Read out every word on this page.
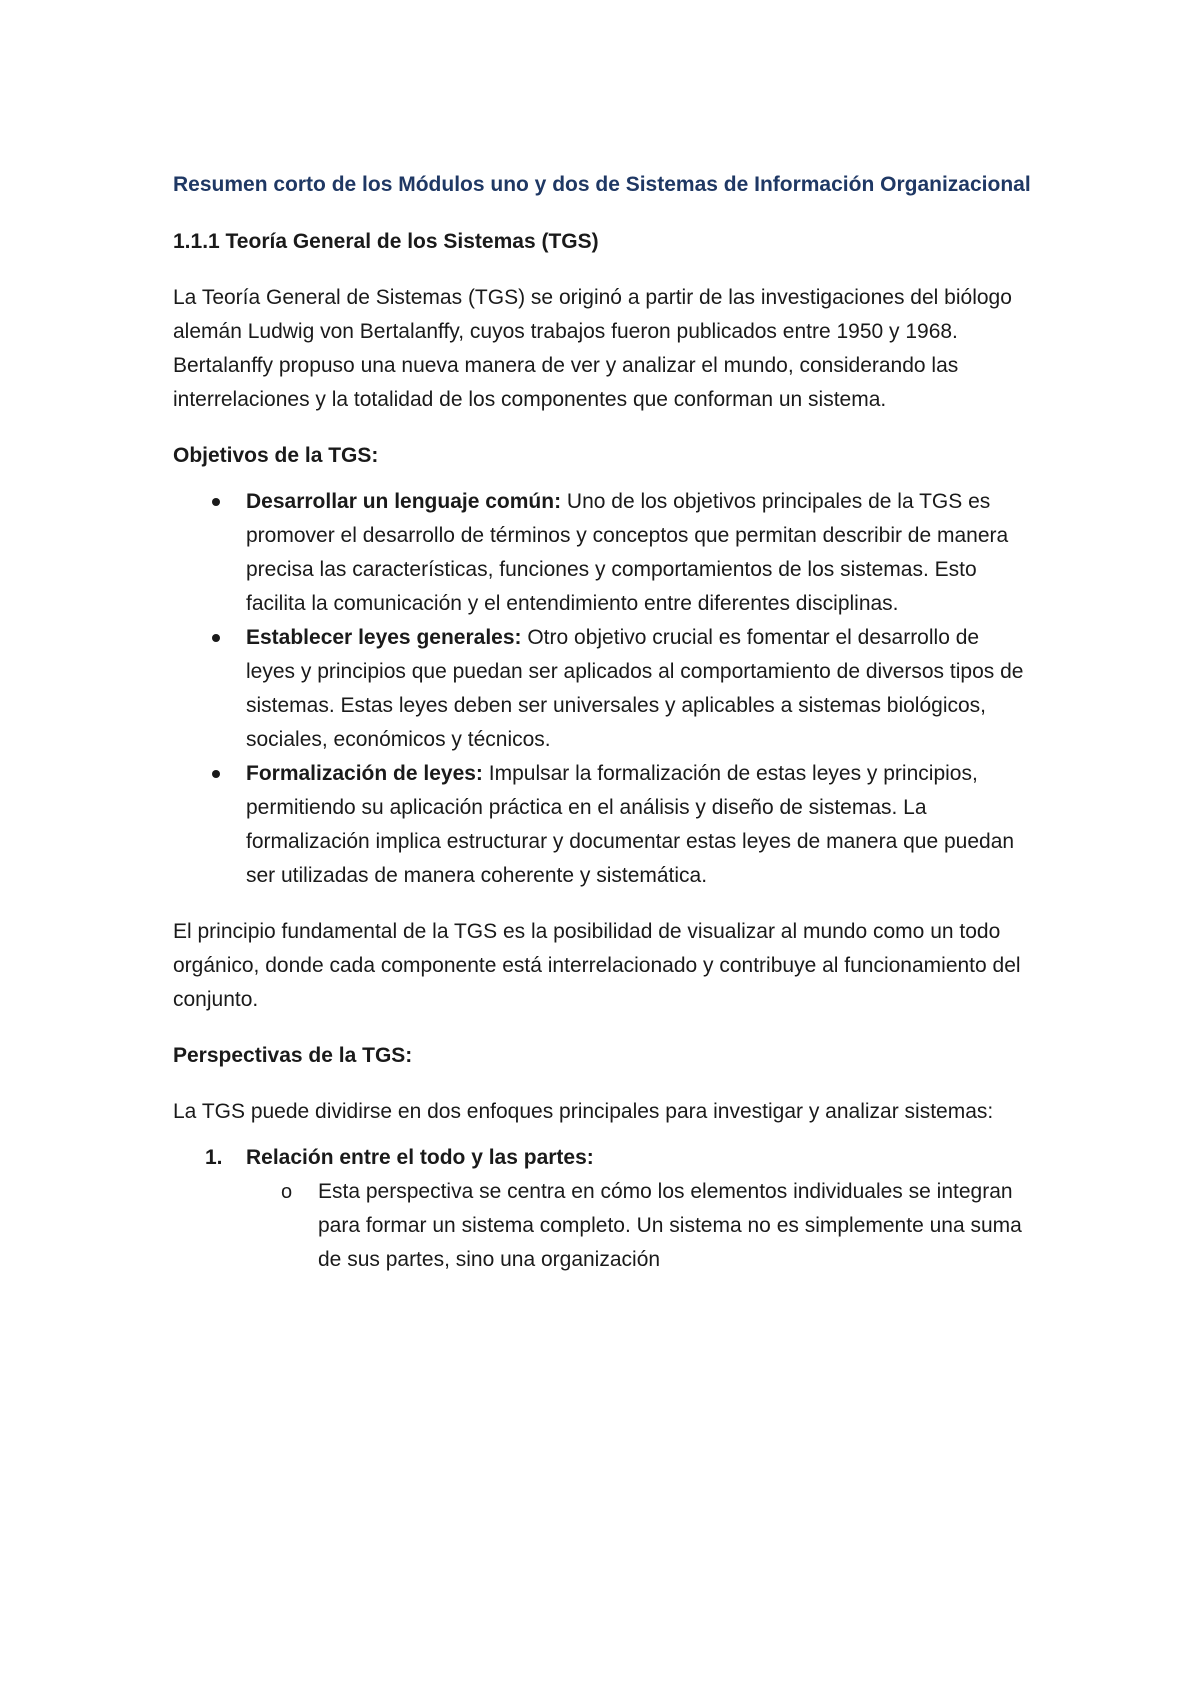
Resumen corto de los Módulos uno y dos de Sistemas de Información Organizacional
1.1.1 Teoría General de los Sistemas (TGS)
La Teoría General de Sistemas (TGS) se originó a partir de las investigaciones del biólogo alemán Ludwig von Bertalanffy, cuyos trabajos fueron publicados entre 1950 y 1968. Bertalanffy propuso una nueva manera de ver y analizar el mundo, considerando las interrelaciones y la totalidad de los componentes que conforman un sistema.
Objetivos de la TGS:
Desarrollar un lenguaje común: Uno de los objetivos principales de la TGS es promover el desarrollo de términos y conceptos que permitan describir de manera precisa las características, funciones y comportamientos de los sistemas. Esto facilita la comunicación y el entendimiento entre diferentes disciplinas.
Establecer leyes generales: Otro objetivo crucial es fomentar el desarrollo de leyes y principios que puedan ser aplicados al comportamiento de diversos tipos de sistemas. Estas leyes deben ser universales y aplicables a sistemas biológicos, sociales, económicos y técnicos.
Formalización de leyes: Impulsar la formalización de estas leyes y principios, permitiendo su aplicación práctica en el análisis y diseño de sistemas. La formalización implica estructurar y documentar estas leyes de manera que puedan ser utilizadas de manera coherente y sistemática.
El principio fundamental de la TGS es la posibilidad de visualizar al mundo como un todo orgánico, donde cada componente está interrelacionado y contribuye al funcionamiento del conjunto.
Perspectivas de la TGS:
La TGS puede dividirse en dos enfoques principales para investigar y analizar sistemas:
1. Relación entre el todo y las partes:
o Esta perspectiva se centra en cómo los elementos individuales se integran para formar un sistema completo. Un sistema no es simplemente una suma de sus partes, sino una organización
